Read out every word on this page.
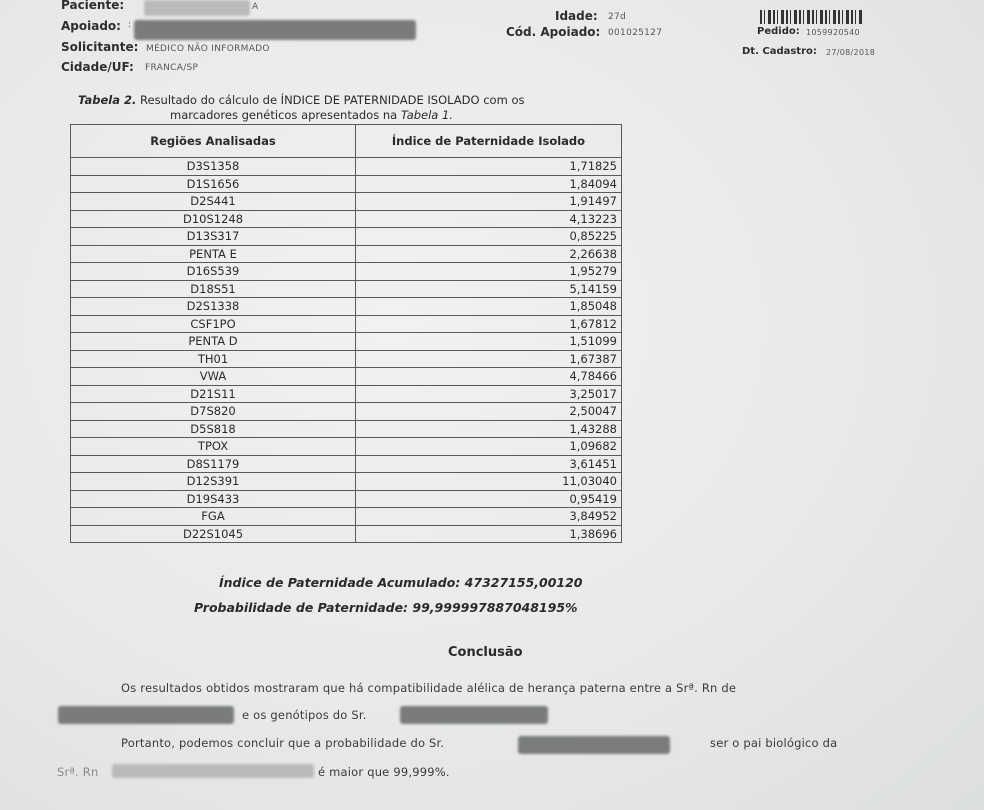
Paciente:	A
Apoiado: :
Solicitante: MÉDICO NÃO INFORMADO
Cidade/UF: FRANCA/SP
Idade: 27d
Cód. Apoiado: 001025127	Pedido: 1059920540
Dt. Cadastro: 27/08/2018
Tabela 2. Resultado do cálculo de ÍNDICE DE PATERNIDADE ISOLADO com os
marcadores genéticos apresentados na Tabela 1.
Regiões Analisadas	Índice de Paternidade Isolado
D3S1358	1,71825
D1S1656	1,84094
D2S441	1,91497
D10S1248	4,13223
D13S317	0,85225
PENTA E	2,26638
D16S539	1,95279
D18S51	5,14159
D2S1338	1,85048
CSF1PO	1,67812
PENTA D	1,51099
TH01	1,67387
VWA	4,78466
D21S11	3,25017
D7S820	2,50047
D5S818	1,43288
TPOX	1,09682
D8S1179	3,61451
D12S391	11,03040
D19S433	0,95419
FGA	3,84952
D22S1045	1,38696
Índice de Paternidade Acumulado: 47327155,00120
Probabilidade de Paternidade: 99,999997887048195%
Conclusão
Os resultados obtidos mostraram que há compatibilidade alélica de herança paterna entre a Srª. Rn de
e os genótipos do Sr.
Portanto, podemos concluir que a probabilidade do Sr.	ser o pai biológico da
Srª. Rn	é maior que 99,999%.
